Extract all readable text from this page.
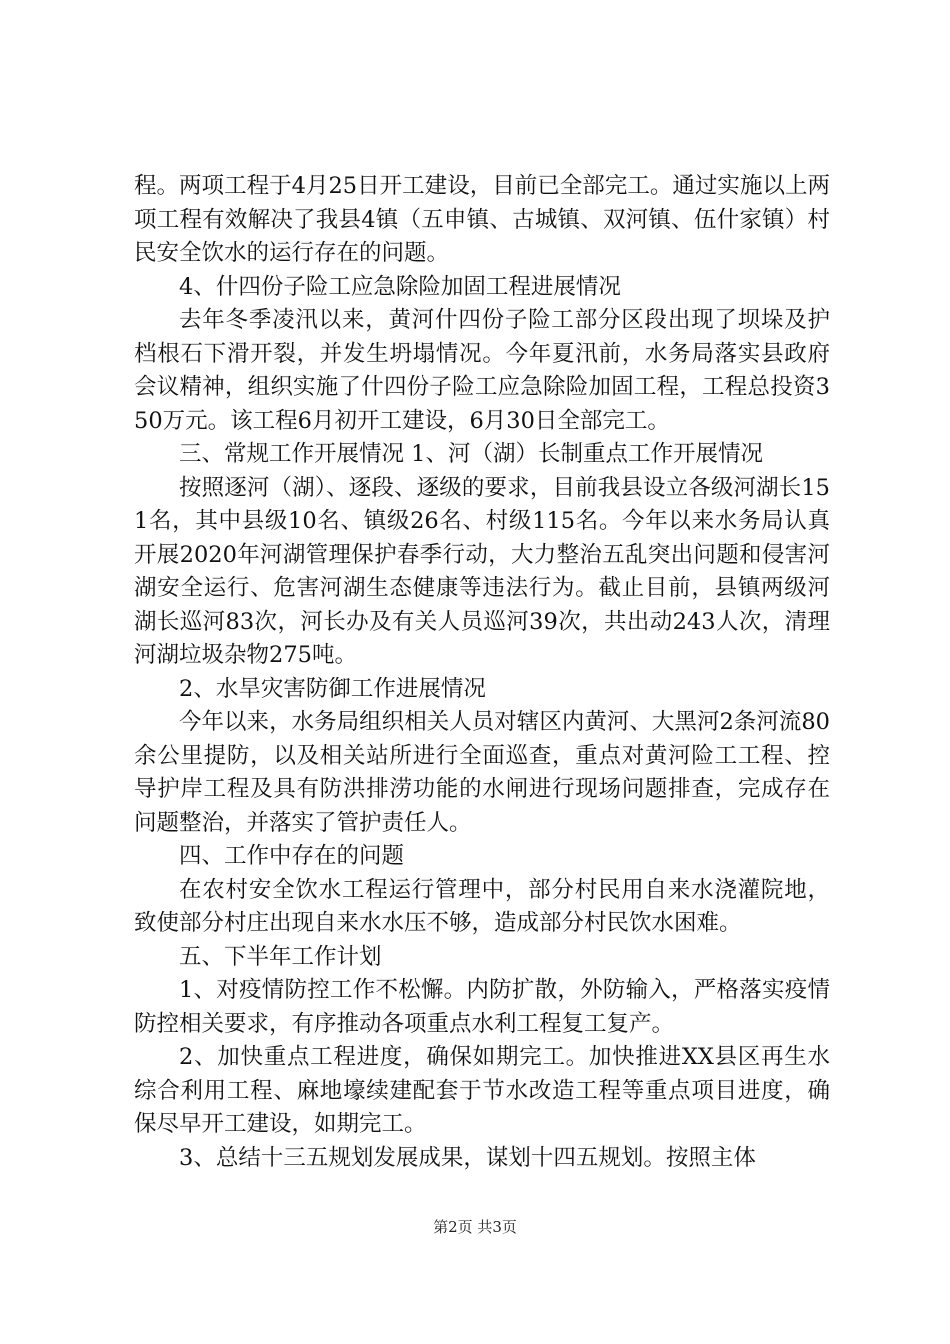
程。两项工程于4月25日开工建设，目前已全部完工。通过实施以上两项工程有效解决了我县4镇（五申镇、古城镇、双河镇、伍什家镇）村民安全饮水的运行存在的问题。

4、什四份子险工应急除险加固工程进展情况

去年冬季凌汛以来，黄河什四份子险工部分区段出现了坝垛及护档根石下滑开裂，并发生坍塌情况。今年夏汛前，水务局落实县政府会议精神，组织实施了什四份子险工应急除险加固工程，工程总投资350万元。该工程6月初开工建设，6月30日全部完工。

三、常规工作开展情况 1、河（湖）长制重点工作开展情况

按照逐河（湖）、逐段、逐级的要求，目前我县设立各级河湖长151名，其中县级10名、镇级26名、村级115名。今年以来水务局认真开展2020年河湖管理保护春季行动，大力整治五乱突出问题和侵害河湖安全运行、危害河湖生态健康等违法行为。截止目前，县镇两级河湖长巡河83次，河长办及有关人员巡河39次，共出动243人次，清理河湖垃圾杂物275吨。

2、水旱灾害防御工作进展情况

今年以来，水务局组织相关人员对辖区内黄河、大黑河2条河流80余公里提防，以及相关站所进行全面巡查，重点对黄河险工工程、控导护岸工程及具有防洪排涝功能的水闸进行现场问题排查，完成存在问题整治，并落实了管护责任人。

四、工作中存在的问题

在农村安全饮水工程运行管理中，部分村民用自来水浇灌院地，致使部分村庄出现自来水水压不够，造成部分村民饮水困难。

五、下半年工作计划

1、对疫情防控工作不松懈。内防扩散，外防输入，严格落实疫情防控相关要求，有序推动各项重点水利工程复工复产。

2、加快重点工程进度，确保如期完工。加快推进XX县区再生水综合利用工程、麻地壕续建配套于节水改造工程等重点项目进度，确保尽早开工建设，如期完工。

3、总结十三五规划发展成果，谋划十四五规划。按照主体

第2页 共3页
